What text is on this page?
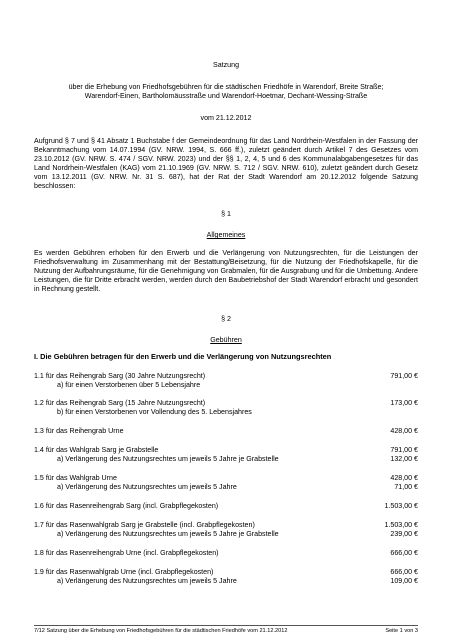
Satzung
über die Erhebung von Friedhofsgebühren für die städtischen Friedhöfe in Warendorf, Breite Straße;
Warendorf-Einen, Bartholomäusstraße und Warendorf-Hoetmar, Dechant-Wessing-Straße
vom 21.12.2012
Aufgrund § 7 und § 41 Absatz 1 Buchstabe f der Gemeindeordnung für das Land Nordrhein-Westfalen in der Fassung der Bekanntmachung vom 14.07.1994 (GV. NRW. 1994, S. 666 ff.), zuletzt geändert durch Artikel 7 des Gesetzes vom 23.10.2012 (GV. NRW. S. 474 / SGV. NRW. 2023) und der §§ 1, 2, 4, 5 und 6 des Kommunalabgabengesetzes für das Land Nordrhein-Westfalen (KAG) vom 21.10.1969 (GV. NRW. S. 712 / SGV. NRW. 610), zuletzt geändert durch Gesetz vom 13.12.2011 (GV. NRW. Nr. 31 S. 687), hat der Rat der Stadt Warendorf am 20.12.2012 folgende Satzung beschlossen:
§ 1
Allgemeines
Es werden Gebühren erhoben für den Erwerb und die Verlängerung von Nutzungsrechten, für die Leistungen der Friedhofsverwaltung im Zusammenhang mit der Bestattung/Beisetzung, für die Nutzung der Friedhofskapelle, für die Nutzung der Aufbahrungsräume, für die Genehmigung von Grabmalen, für die Ausgrabung und für die Umbettung. Andere Leistungen, die für Dritte erbracht werden, werden durch den Baubetriebshof der Stadt Warendorf erbracht und gesondert in Rechnung gestellt.
§ 2
Gebühren
I. Die Gebühren betragen für den Erwerb und die Verlängerung von Nutzungsrechten
1.1 für das Reihengrab Sarg (30 Jahre Nutzungsrecht)	791,00 €
a) für einen Verstorbenen über 5 Lebensjahre
1.2 für das Reihengrab Sarg (15 Jahre Nutzungsrecht)	173,00 €
b) für einen Verstorbenen vor Vollendung des 5. Lebensjahres
1.3 für das Reihengrab Urne	428,00 €
1.4 für das Wahlgrab Sarg je Grabstelle	791,00 €
a) Verlängerung des Nutzungsrechtes um jeweils 5 Jahre je Grabstelle	132,00 €
1.5 für das Wahlgrab Urne	428,00 €
a) Verlängerung des Nutzungsrechtes um jeweils 5 Jahre	71,00 €
1.6 für das Rasenreihengrab Sarg (incl. Grabpflegekosten)	1.503,00 €
1.7 für das Rasenwahlgrab Sarg je Grabstelle (incl. Grabpflegekosten)	1.503,00 €
a) Verlängerung des Nutzungsrechtes um jeweils 5 Jahre je Grabstelle	239,00 €
1.8 für das Rasenreihengrab Urne (incl. Grabpflegekosten)	666,00 €
1.9 für das Rasenwahlgrab Urne (incl. Grabpflegekosten)	666,00 €
a) Verlängerung des Nutzungsrechtes um jeweils 5 Jahre	109,00 €
7/12 Satzung über die Erhebung von Friedhofsgebühren für die städtischen Friedhöfe vom 21.12.2012	Seite 1 von 3
